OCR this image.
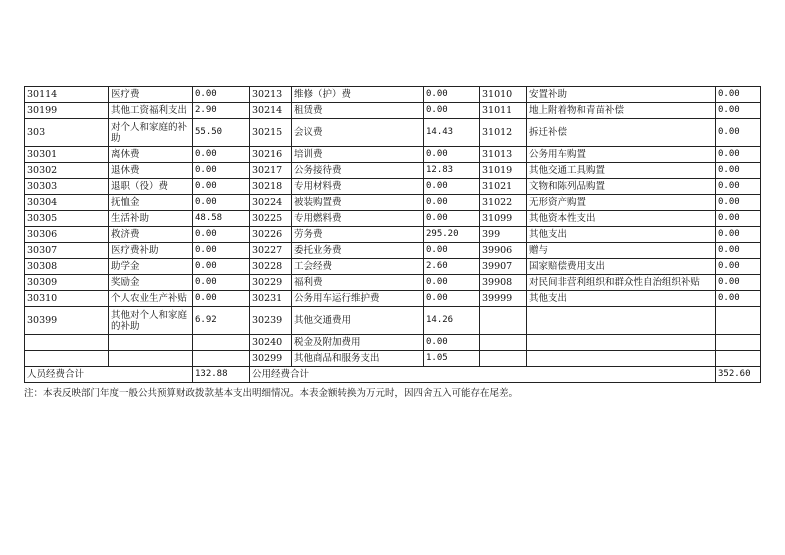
30114	医疗费	0.00	30213	维修（护）费	0.00	31010	安置补助	0.00
30199	其他工资福利支出	2.90	30214	租赁费	0.00	31011	地上附着物和青苗补偿	0.00
303	对个人和家庭的补助	55.50	30215	会议费	14.43	31012	拆迁补偿	0.00
30301	离休费	0.00	30216	培训费	0.00	31013	公务用车购置	0.00
30302	退休费	0.00	30217	公务接待费	12.83	31019	其他交通工具购置	0.00
30303	退职（役）费	0.00	30218	专用材料费	0.00	31021	文物和陈列品购置	0.00
30304	抚恤金	0.00	30224	被装购置费	0.00	31022	无形资产购置	0.00
30305	生活补助	48.58	30225	专用燃料费	0.00	31099	其他资本性支出	0.00
30306	救济费	0.00	30226	劳务费	295.20	399	其他支出	0.00
30307	医疗费补助	0.00	30227	委托业务费	0.00	39906	赠与	0.00
30308	助学金	0.00	30228	工会经费	2.60	39907	国家赔偿费用支出	0.00
30309	奖励金	0.00	30229	福利费	0.00	39908	对民间非营利组织和群众性自治组织补贴	0.00
30310	个人农业生产补贴	0.00	30231	公务用车运行维护费	0.00	39999	其他支出	0.00
30399	其他对个人和家庭的补助	6.92	30239	其他交通费用	14.26			
			30240	税金及附加费用	0.00			
			30299	其他商品和服务支出	1.05			
人员经费合计		132.88	公用经费合计					352.60
注：本表反映部门年度一般公共预算财政拨款基本支出明细情况。本表金额转换为万元时，因四舍五入可能存在尾差。
